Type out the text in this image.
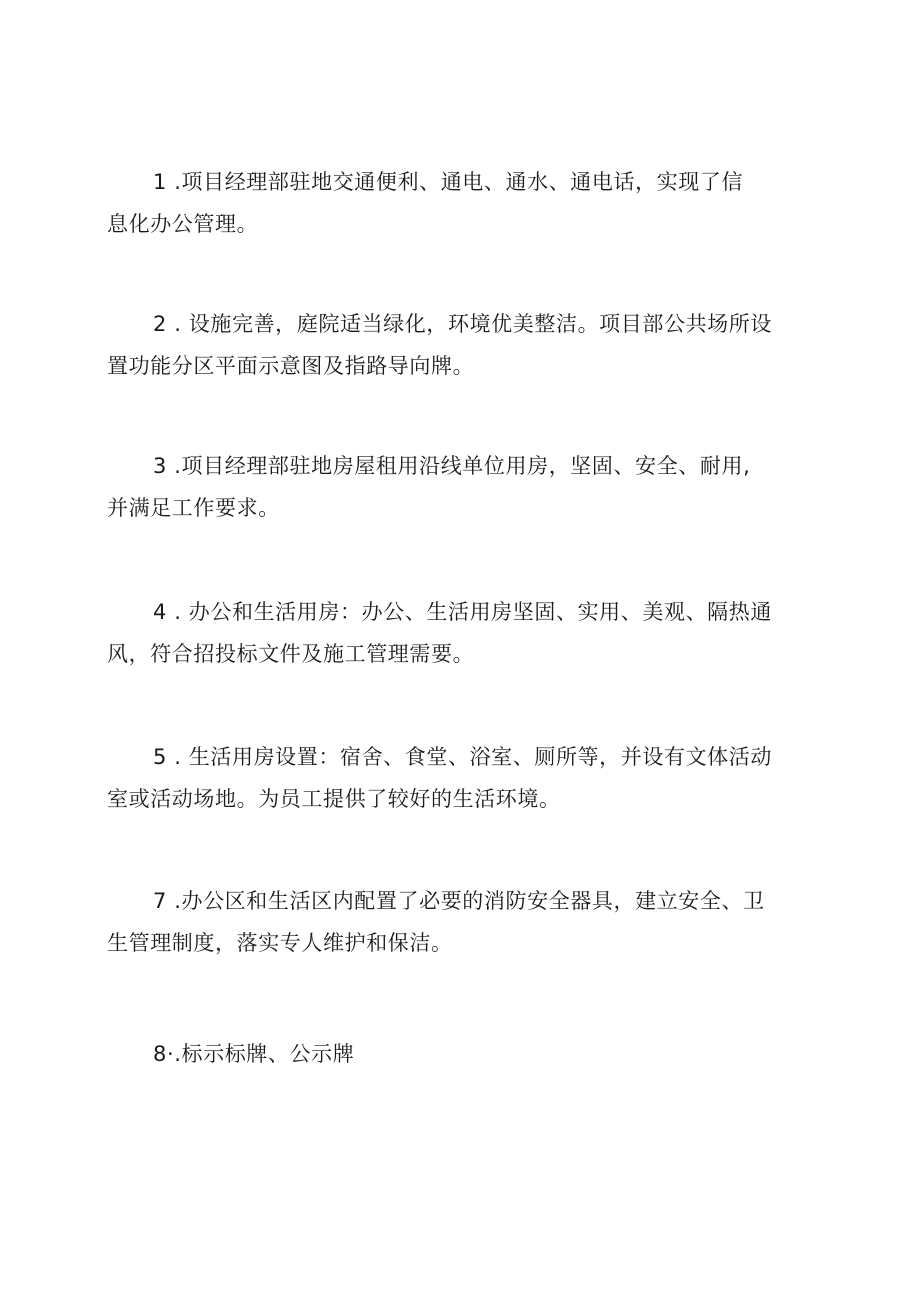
1 .项目经理部驻地交通便利、通电、通水、通电话，实现了信
息化办公管理。
2 . 设施完善，庭院适当绿化，环境优美整洁。项目部公共场所设
置功能分区平面示意图及指路导向牌。
3 .项目经理部驻地房屋租用沿线单位用房，坚固、安全、耐用,
并满足工作要求。
4 . 办公和生活用房：办公、生活用房坚固、实用、美观、隔热通
风，符合招投标文件及施工管理需要。
5 . 生活用房设置：宿舍、食堂、浴室、厕所等，并设有文体活动
室或活动场地。为员工提供了较好的生活环境。
7 .办公区和生活区内配置了必要的消防安全器具，建立安全、卫
生管理制度，落实专人维护和保洁。
8·.标示标牌、公示牌
